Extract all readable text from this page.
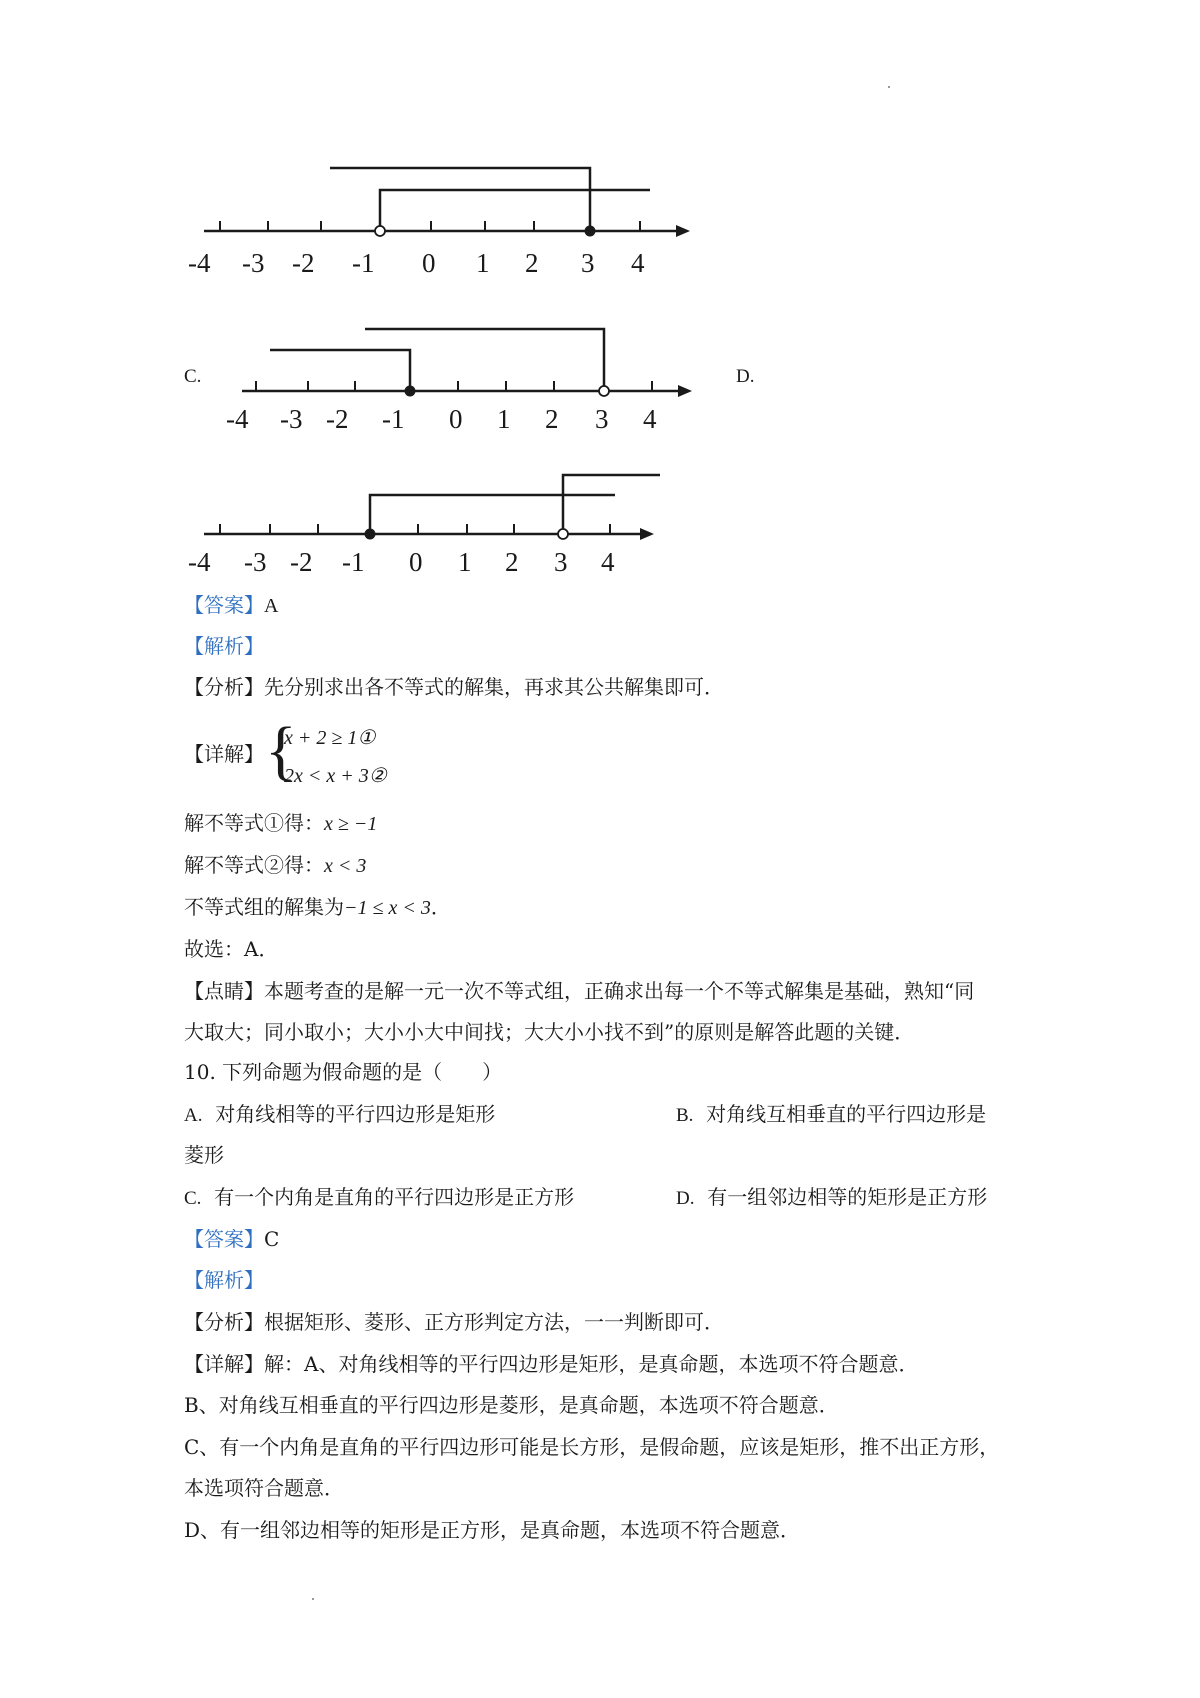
-4 -3 -2 -1 0 1 2 3 4
C.	D.
-4 -3 -2 -1 0 1 2 3 4
-4 -3 -2 -1 0 1 2 3 4
【答案】A
【解析】
【分析】先分别求出各不等式的解集，再求其公共解集即可．
【详解】 {
x + 2 ≥ 1①
2x < x + 3②
解不等式①得：x ≥ −1
解不等式②得：x < 3
不等式组的解集为−1 ≤ x < 3．
故选：A．
【点睛】本题考查的是解一元一次不等式组，正确求出每一个不等式解集是基础，熟知“同
大取大；同小取小；大小小大中间找；大大小小找不到”的原则是解答此题的关键．
10. 下列命题为假命题的是（　　）
A. 对角线相等的平行四边形是矩形	B. 对角线互相垂直的平行四边形是
菱形
C. 有一个内角是直角的平行四边形是正方形	D. 有一组邻边相等的矩形是正方形
【答案】C
【解析】
【分析】根据矩形、菱形、正方形判定方法，一一判断即可．
【详解】解：A、对角线相等的平行四边形是矩形，是真命题，本选项不符合题意．
B、对角线互相垂直的平行四边形是菱形，是真命题，本选项不符合题意．
C、有一个内角是直角的平行四边形可能是长方形，是假命题，应该是矩形，推不出正方形，
本选项符合题意．
D、有一组邻边相等的矩形是正方形，是真命题，本选项不符合题意．
